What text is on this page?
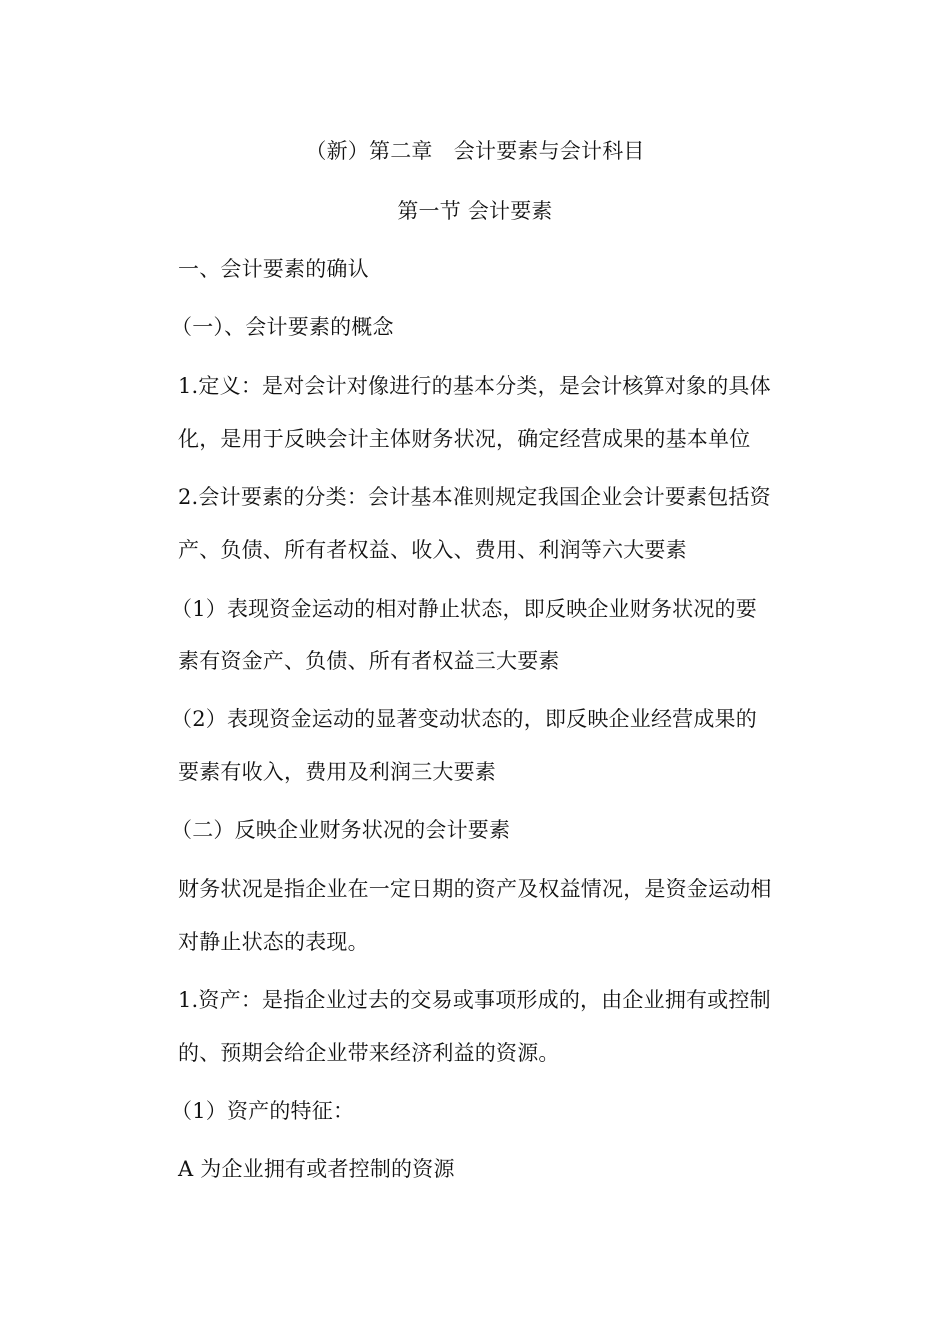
（新）第二章　会计要素与会计科目
第一节 会计要素
一、会计要素的确认
（一）、会计要素的概念
1.定义：是对会计对像进行的基本分类，是会计核算对象的具体
化，是用于反映会计主体财务状况，确定经营成果的基本单位
2.会计要素的分类：会计基本准则规定我国企业会计要素包括资
产、负债、所有者权益、收入、费用、利润等六大要素
（1）表现资金运动的相对静止状态，即反映企业财务状况的要
素有资金产、负债、所有者权益三大要素
（2）表现资金运动的显著变动状态的，即反映企业经营成果的
要素有收入，费用及利润三大要素
（二）反映企业财务状况的会计要素
财务状况是指企业在一定日期的资产及权益情况，是资金运动相
对静止状态的表现。
1.资产：是指企业过去的交易或事项形成的，由企业拥有或控制
的、预期会给企业带来经济利益的资源。
（1）资产的特征：
A 为企业拥有或者控制的资源
